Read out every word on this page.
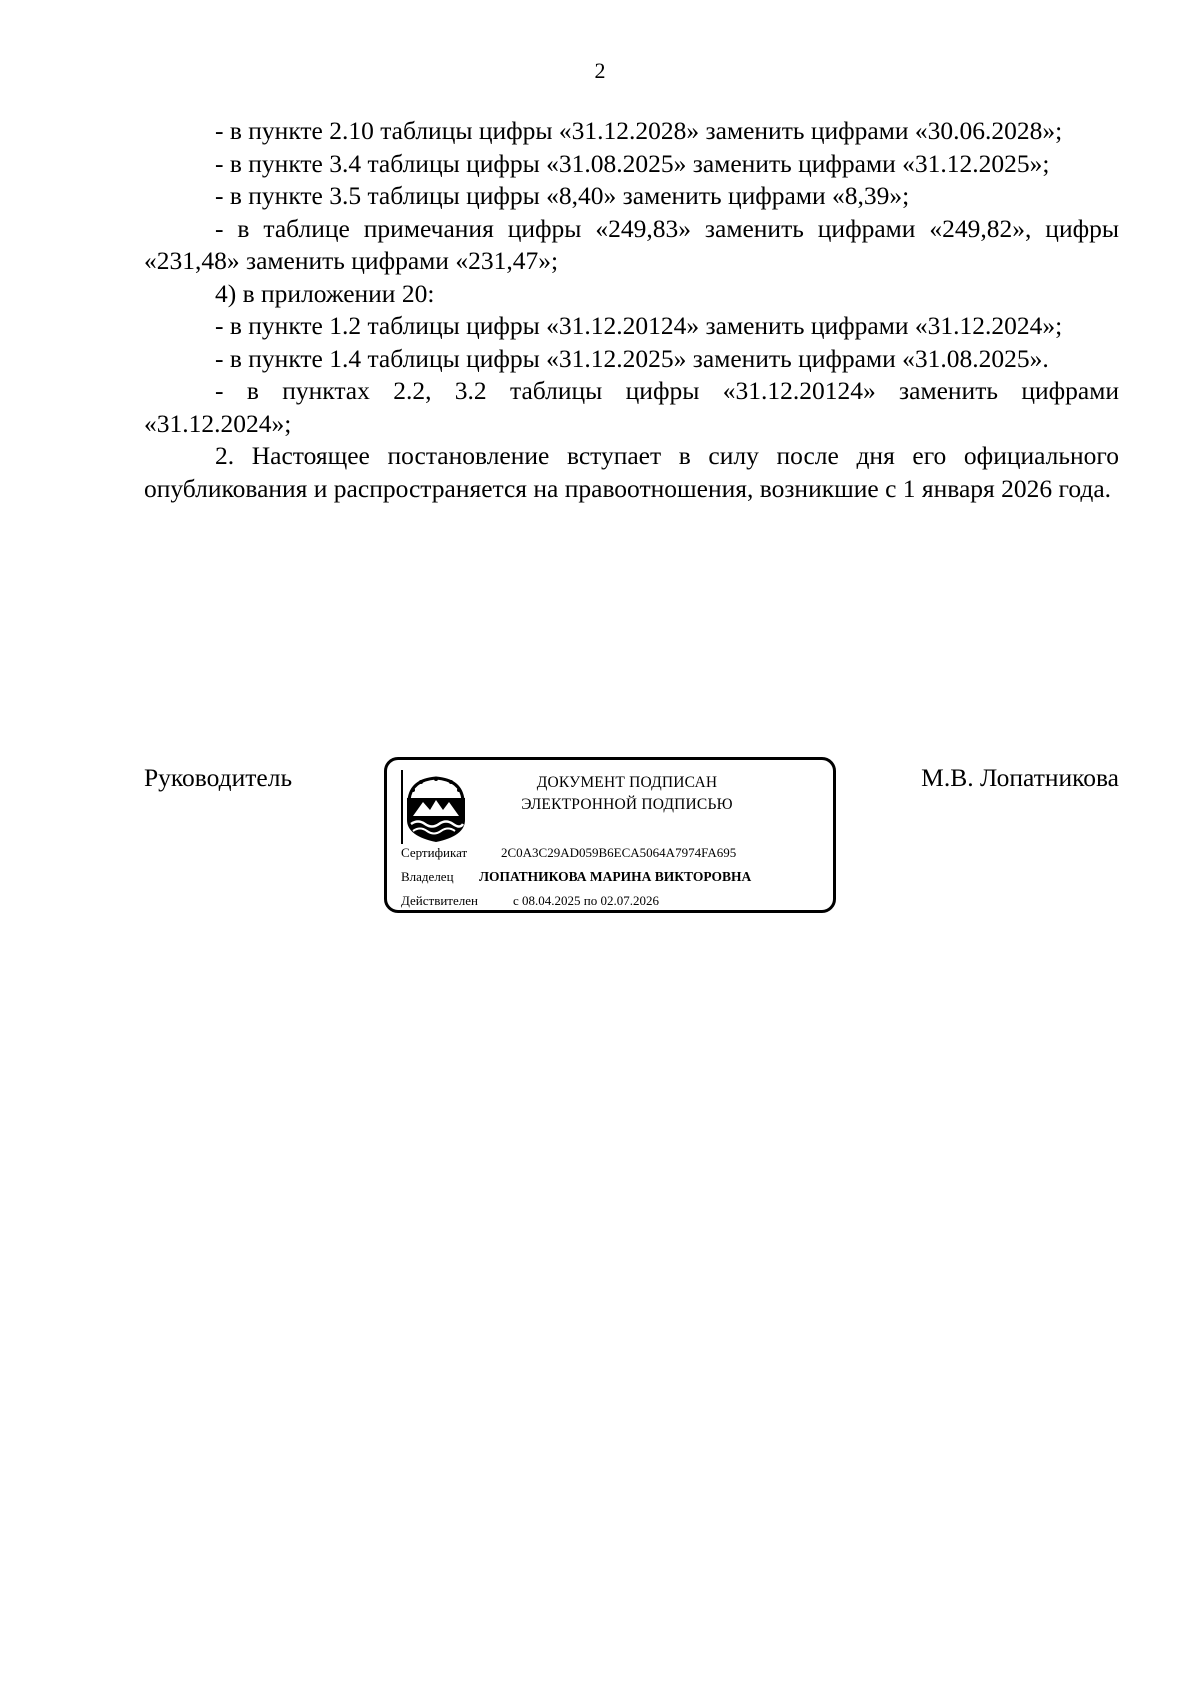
2

- в пункте 2.10 таблицы цифры «31.12.2028» заменить цифрами «30.06.2028»;

- в пункте 3.4 таблицы цифры «31.08.2025» заменить цифрами «31.12.2025»;

- в пункте 3.5 таблицы цифры «8,40» заменить цифрами «8,39»;

- в таблице примечания цифры «249,83» заменить цифрами «249,82», цифры «231,48» заменить цифрами «231,47»;

4) в приложении 20:

- в пункте 1.2 таблицы цифры «31.12.20124» заменить цифрами «31.12.2024»;

- в пункте 1.4 таблицы цифры «31.12.2025» заменить цифрами «31.08.2025».

- в пунктах 2.2, 3.2 таблицы цифры «31.12.20124» заменить цифрами «31.12.2024»;

2. Настоящее постановление вступает в силу после дня его официального опубликования и распространяется на правоотношения, возникшие с 1 января 2026 года.

Руководитель	ДОКУМЕНТ ПОДПИСАН
ЭЛЕКТРОННОЙ ПОДПИСЬЮ
Сертификат	2C0A3C29AD059B6ECA5064A7974FA695
Владелец ЛОПАТНИКОВА МАРИНА ВИКТОРОВНА
Действителен	с 08.04.2025 по 02.07.2026
М.В. Лопатникова
